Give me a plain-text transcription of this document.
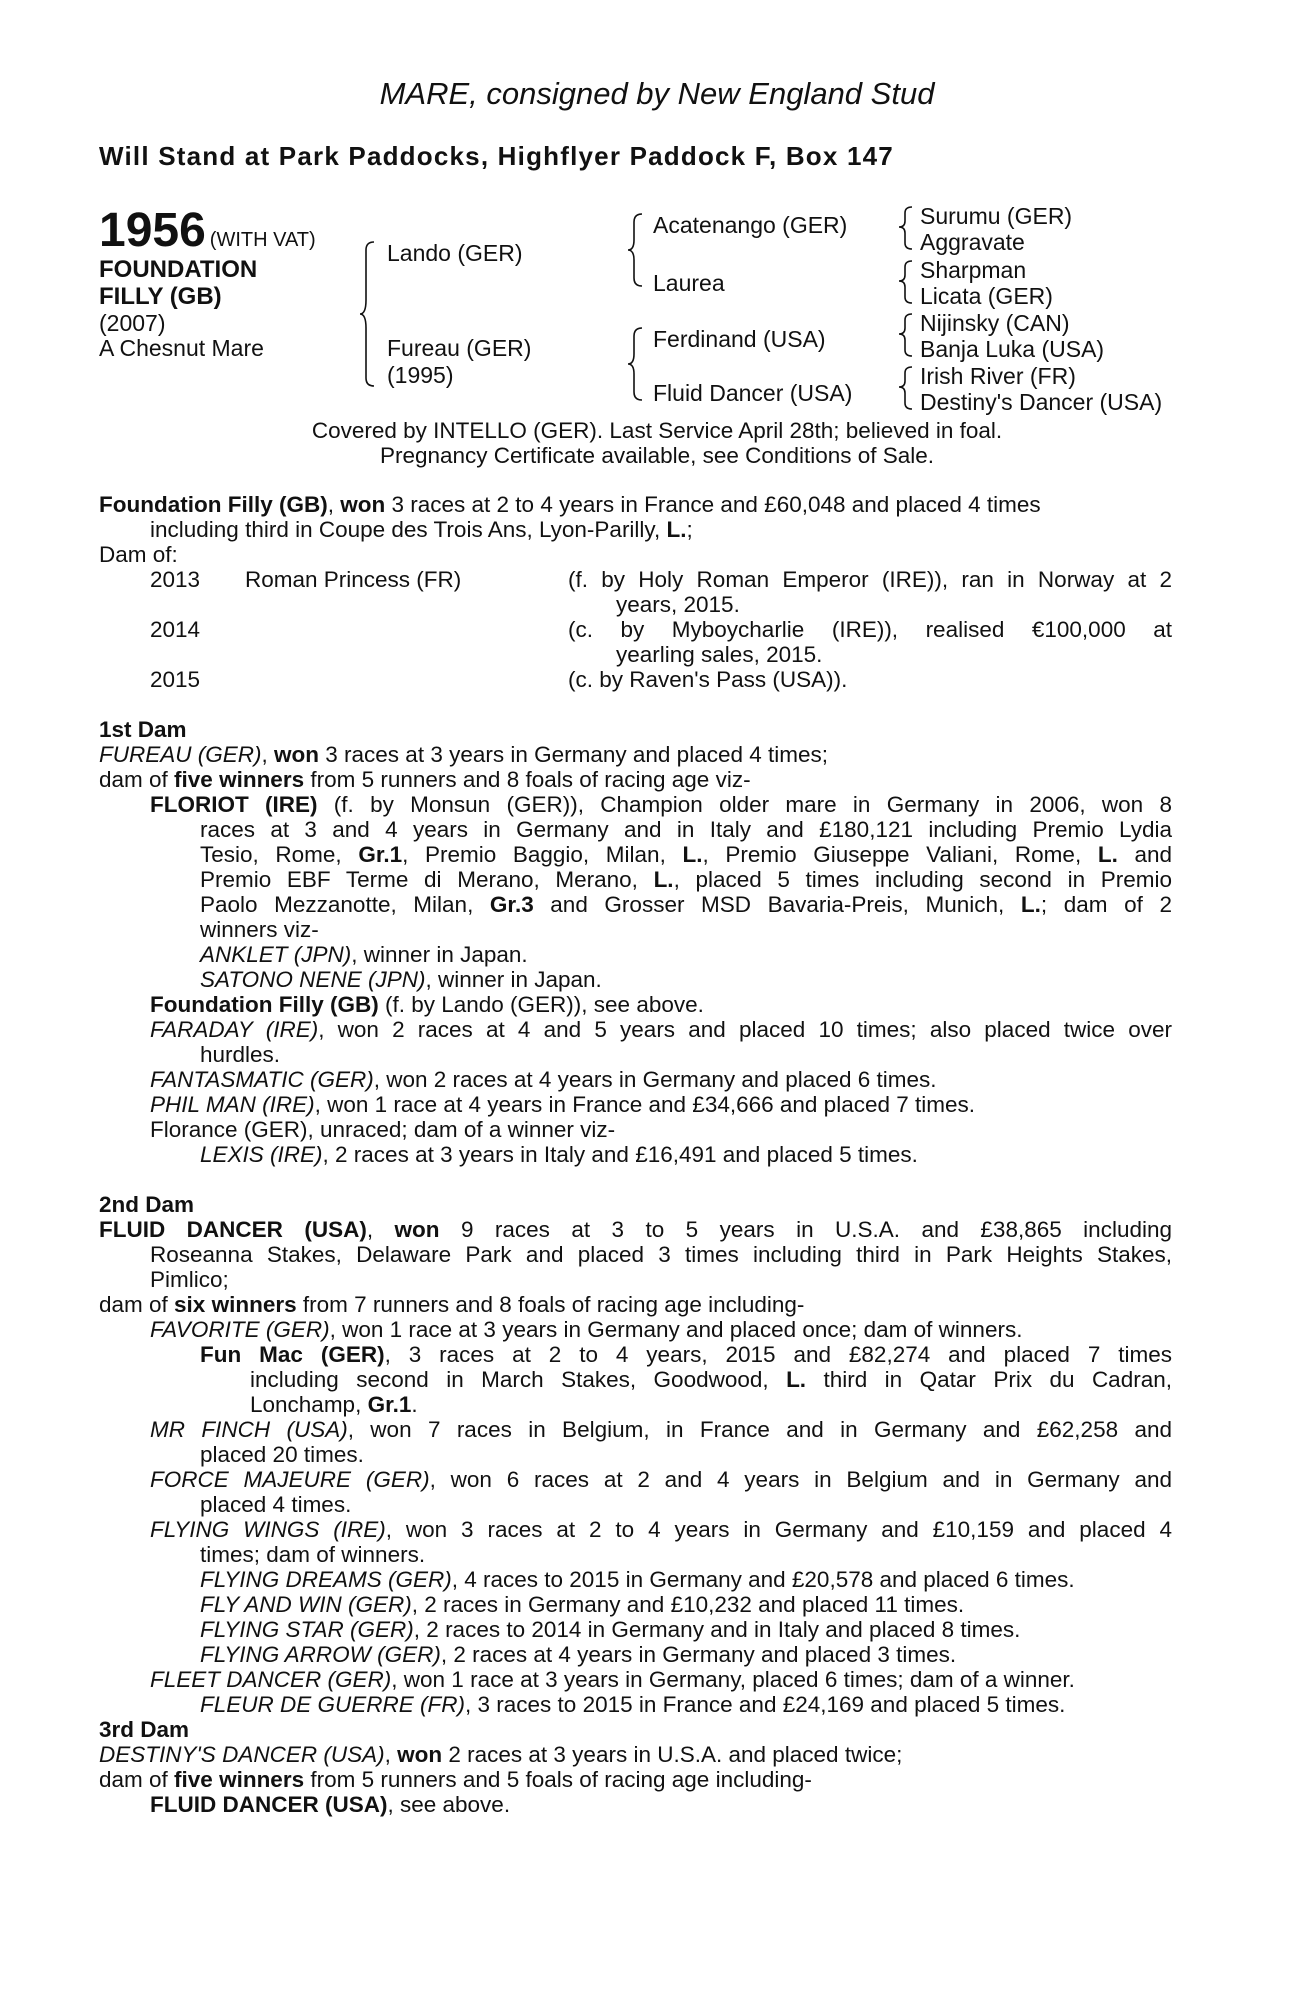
MARE, consigned by New England Stud
Will Stand at Park Paddocks, Highflyer Paddock F, Box 147
1956 (WITH VAT)
FOUNDATION
FILLY (GB)
(2007)
A Chesnut Mare
Lando (GER)
Fureau (GER)
(1995)
Acatenango (GER)
Laurea
Ferdinand (USA)
Fluid Dancer (USA)
Surumu (GER)
Aggravate
Sharpman
Licata (GER)
Nijinsky (CAN)
Banja Luka (USA)
Irish River (FR)
Destiny's Dancer (USA)
Covered by INTELLO (GER). Last Service April 28th; believed in foal.
Pregnancy Certificate available, see Conditions of Sale.
Foundation Filly (GB), won 3 races at 2 to 4 years in France and £60,048 and placed 4 times
including third in Coupe des Trois Ans, Lyon-Parilly, L.;
Dam of:
2013 Roman Princess (FR)	(f. by Holy Roman Emperor (IRE)), ran in Norway at 2
years, 2015.
2014	(c. by Myboycharlie (IRE)), realised €100,000 at
yearling sales, 2015.
2015	(c. by Raven's Pass (USA)).
1st Dam
FUREAU (GER), won 3 races at 3 years in Germany and placed 4 times;
dam of five winners from 5 runners and 8 foals of racing age viz-
FLORIOT (IRE) (f. by Monsun (GER)), Champion older mare in Germany in 2006, won 8
races at 3 and 4 years in Germany and in Italy and £180,121 including Premio Lydia
Tesio, Rome, Gr.1, Premio Baggio, Milan, L., Premio Giuseppe Valiani, Rome, L. and
Premio EBF Terme di Merano, Merano, L., placed 5 times including second in Premio
Paolo Mezzanotte, Milan, Gr.3 and Grosser MSD Bavaria-Preis, Munich, L.; dam of 2
winners viz-
ANKLET (JPN), winner in Japan.
SATONO NENE (JPN), winner in Japan.
Foundation Filly (GB) (f. by Lando (GER)), see above.
FARADAY (IRE), won 2 races at 4 and 5 years and placed 10 times; also placed twice over
hurdles.
FANTASMATIC (GER), won 2 races at 4 years in Germany and placed 6 times.
PHIL MAN (IRE), won 1 race at 4 years in France and £34,666 and placed 7 times.
Florance (GER), unraced; dam of a winner viz-
LEXIS (IRE), 2 races at 3 years in Italy and £16,491 and placed 5 times.
2nd Dam
FLUID DANCER (USA), won 9 races at 3 to 5 years in U.S.A. and £38,865 including
Roseanna Stakes, Delaware Park and placed 3 times including third in Park Heights Stakes,
Pimlico;
dam of six winners from 7 runners and 8 foals of racing age including-
FAVORITE (GER), won 1 race at 3 years in Germany and placed once; dam of winners.
Fun Mac (GER), 3 races at 2 to 4 years, 2015 and £82,274 and placed 7 times
including second in March Stakes, Goodwood, L. third in Qatar Prix du Cadran,
Lonchamp, Gr.1.
MR FINCH (USA), won 7 races in Belgium, in France and in Germany and £62,258 and
placed 20 times.
FORCE MAJEURE (GER), won 6 races at 2 and 4 years in Belgium and in Germany and
placed 4 times.
FLYING WINGS (IRE), won 3 races at 2 to 4 years in Germany and £10,159 and placed 4
times; dam of winners.
FLYING DREAMS (GER), 4 races to 2015 in Germany and £20,578 and placed 6 times.
FLY AND WIN (GER), 2 races in Germany and £10,232 and placed 11 times.
FLYING STAR (GER), 2 races to 2014 in Germany and in Italy and placed 8 times.
FLYING ARROW (GER), 2 races at 4 years in Germany and placed 3 times.
FLEET DANCER (GER), won 1 race at 3 years in Germany, placed 6 times; dam of a winner.
FLEUR DE GUERRE (FR), 3 races to 2015 in France and £24,169 and placed 5 times.
3rd Dam
DESTINY'S DANCER (USA), won 2 races at 3 years in U.S.A. and placed twice;
dam of five winners from 5 runners and 5 foals of racing age including-
FLUID DANCER (USA), see above.
